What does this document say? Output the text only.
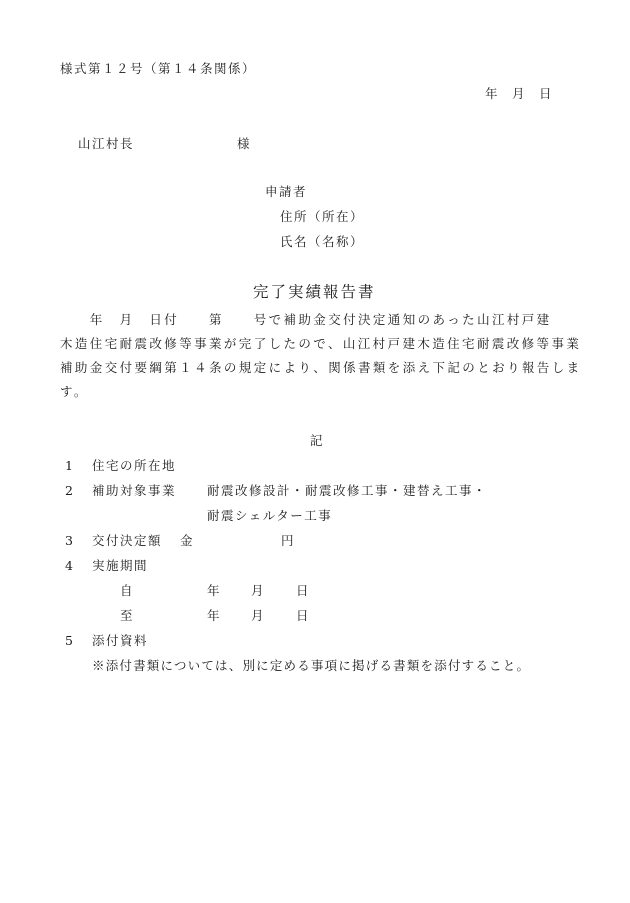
様式第１２号（第１４条関係）
年　月　日
山江村長	様
申請者
住所（所在）
氏名（名称）
完了実績報告書
　　年　月　日付　　第　　号で補助金交付決定通知のあった山江村戸建
木造住宅耐震改修等事業が完了したので、山江村戸建木造住宅耐震改修等事業
補助金交付要綱第１４条の規定により、関係書類を添え下記のとおり報告しま
す。
記
1 住宅の所在地
2 補助対象事業 耐震改修設計・耐震改修工事・建替え工事・
耐震シェルター工事
3 交付決定額 金	円
4 実施期間
自	年	月	日
至	年	月	日
5 添付資料
※添付書類については、別に定める事項に掲げる書類を添付すること。
